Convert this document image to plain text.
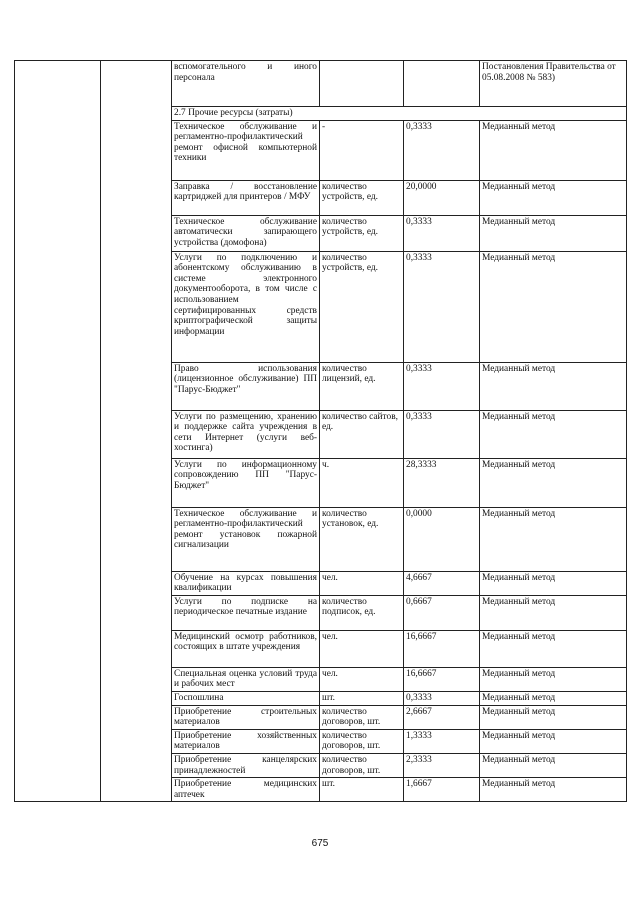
		вспомогательного и иного персонала			Постановления Правительства от 05.08.2008 № 583)
		2.7 Прочие ресурсы (затраты)			
		Техническое обслуживание и регламентно-профилактический ремонт офисной компьютерной техники	-	0,3333	Медианный метод
		Заправка / восстановление картриджей для принтеров / МФУ	количество устройств, ед.	20,0000	Медианный метод
		Техническое обслуживание автоматически запирающего устройства (домофона)	количество устройств, ед.	0,3333	Медианный метод
		Услуги по подключению и абонентскому обслуживанию в системе электронного документооборота, в том числе с использованием сертифицированных средств криптографической защиты информации	количество устройств, ед.	0,3333	Медианный метод
		Право использования (лицензионное обслуживание) ПП "Парус-Бюджет"	количество лицензий, ед.	0,3333	Медианный метод
		Услуги по размещению, хранению и поддержке сайта учреждения в сети Интернет (услуги веб-хостинга)	количество сайтов, ед.	0,3333	Медианный метод
		Услуги по информационному сопровождению ПП "Парус-Бюджет"	ч.	28,3333	Медианный метод
		Техническое обслуживание и регламентно-профилактический ремонт установок пожарной сигнализации	количество установок, ед.	0,0000	Медианный метод
		Обучение на курсах повышения квалификации	чел.	4,6667	Медианный метод
		Услуги по подписке на периодическое печатные издание	количество подписок, ед.	0,6667	Медианный метод
		Медицинский осмотр работников, состоящих в штате учреждения	чел.	16,6667	Медианный метод
		Специальная оценка условий труда и рабочих мест	чел.	16,6667	Медианный метод
		Госпошлина	шт.	0,3333	Медианный метод
		Приобретение строительных материалов	количество договоров, шт.	2,6667	Медианный метод
		Приобретение хозяйственных материалов	количество договоров, шт.	1,3333	Медианный метод
		Приобретение канцелярских принадлежностей	количество договоров, шт.	2,3333	Медианный метод
		Приобретение медицинских аптечек	шт.	1,6667	Медианный метод
675
